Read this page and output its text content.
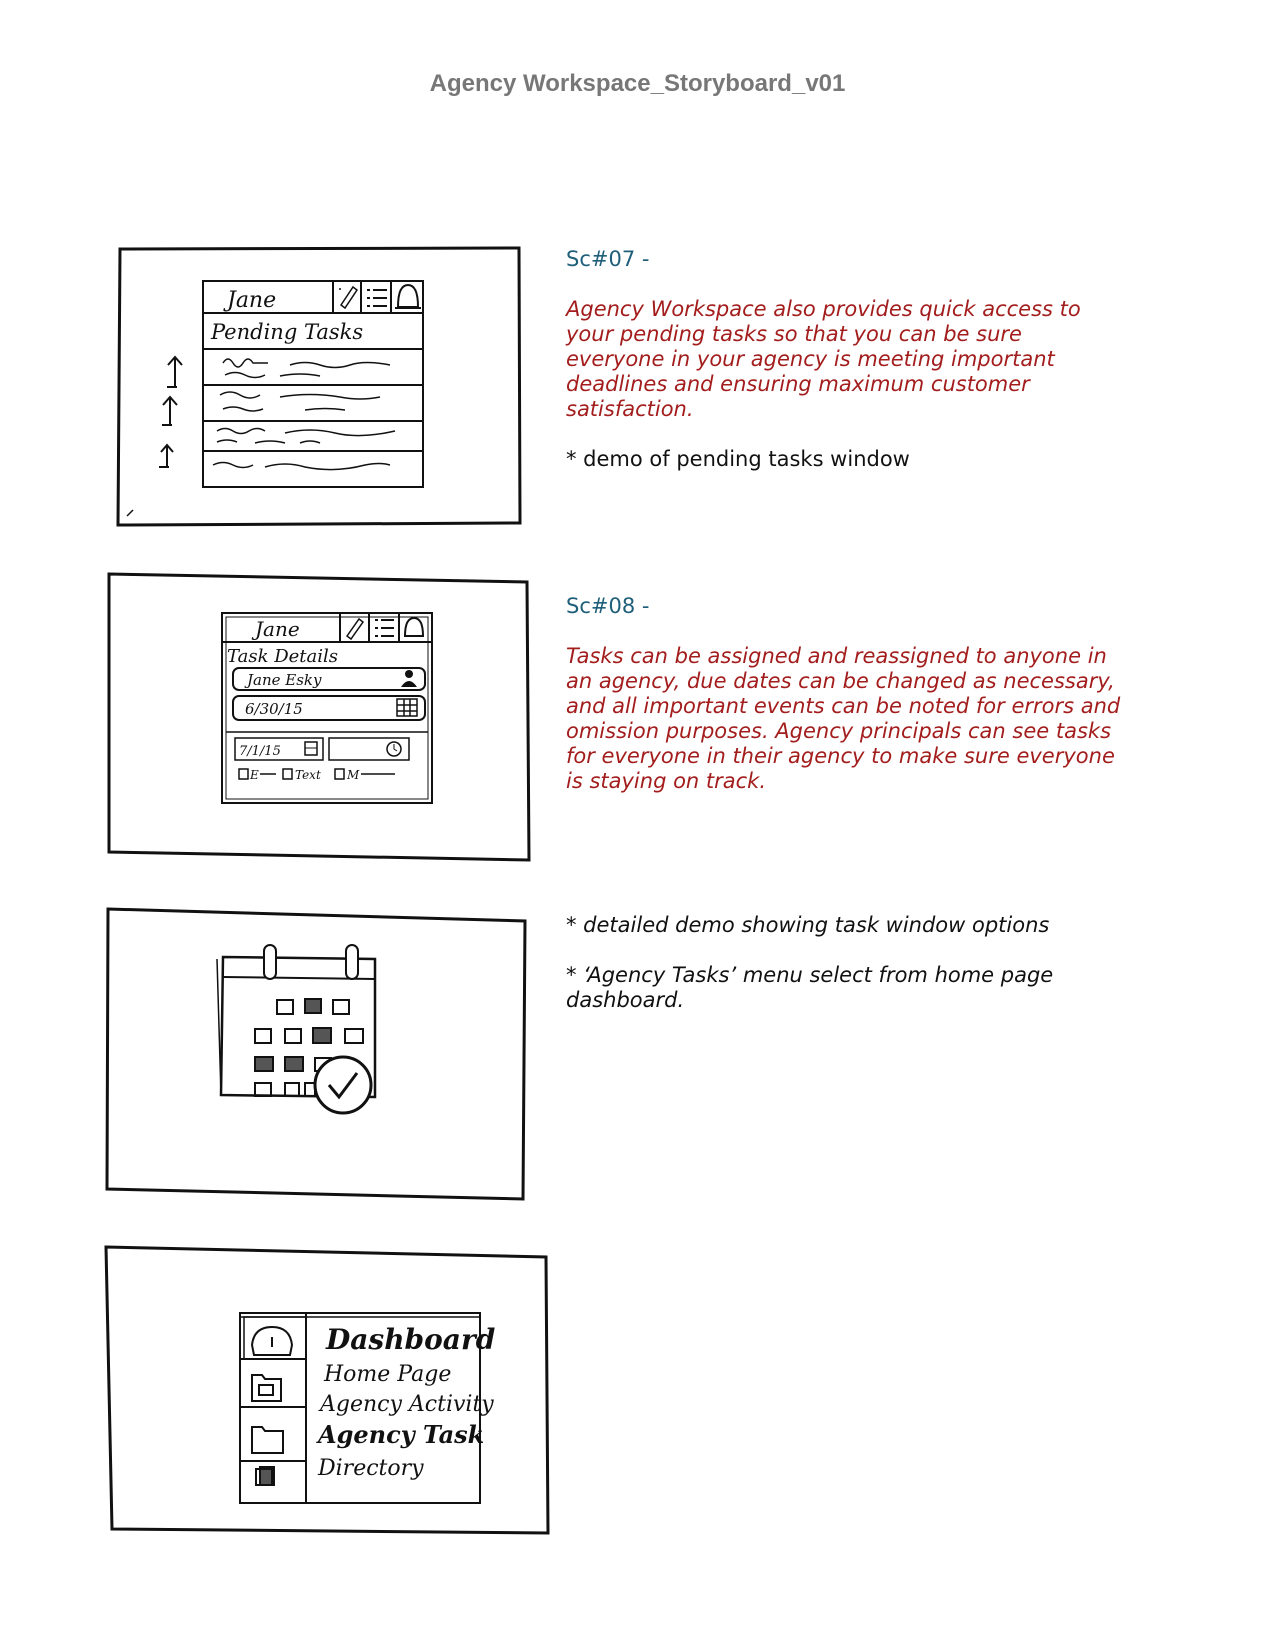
Agency Workspace_Storyboard_v01
Jane
Pending Tasks
Sc#07 -
Agency Workspace also provides quick access to your pending tasks so that you can be sure everyone in your agency is meeting important deadlines and ensuring maximum customer satisfaction.
* demo of pending tasks window
Jane
Task Details
Jane Esky
6/30/15
7/1/15
E	Text M
Sc#08 -
Tasks can be assigned and reassigned to anyone in an agency, due dates can be changed as necessary, and all important events can be noted for errors and omission purposes. Agency principals can see tasks for everyone in their agency to make sure everyone is staying on track.
* detailed demo showing task window options
* ‘Agency Tasks’ menu select from home page dashboard.
Dashboard
Home Page
Agency Activity
Agency Task
Directory
